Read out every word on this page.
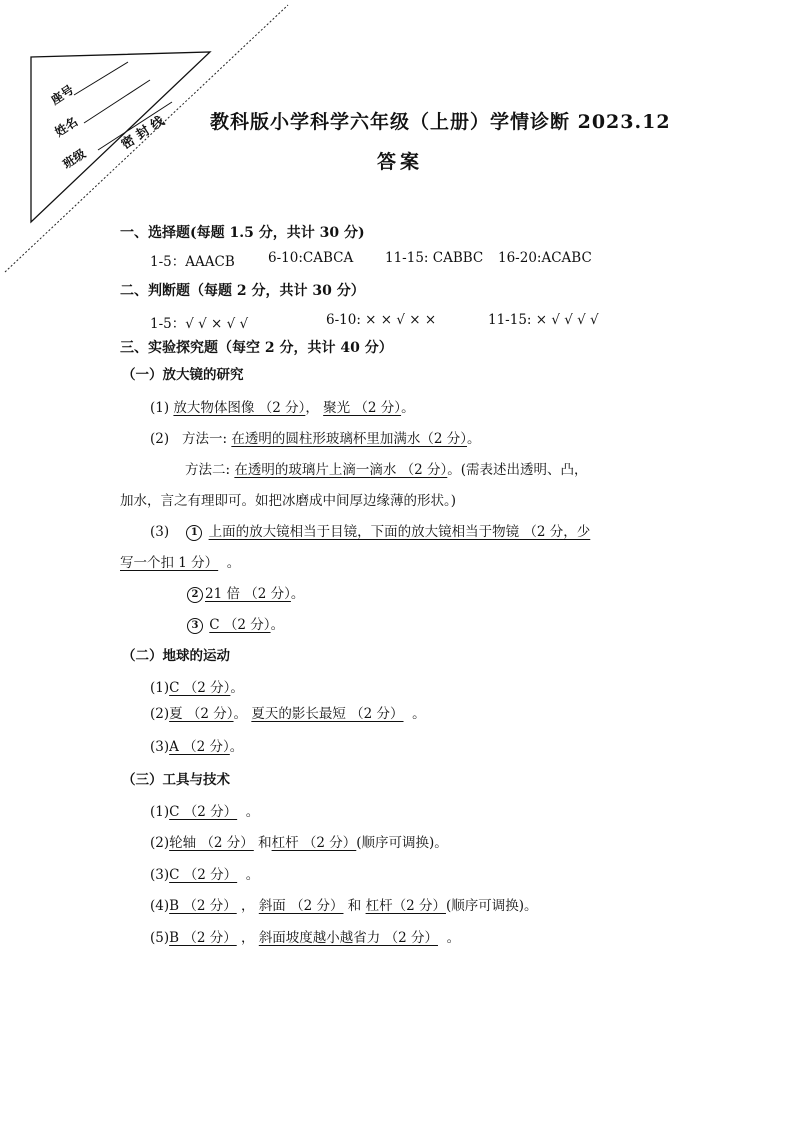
座号
姓名
班级
密 封 线 教科版小学科学六年级（上册）学情诊断 2023.12
答案
一、选择题(每题 1.5 分，共计 30 分)
1-5：AAACB 6-10:CABCA 11-15: CABBC 16-20:ACABC
二、判断题（每题 2 分，共计 30 分）
1-5：√ √ × √ √	6-10: × × √ × ×	11-15: × √ √ √ √
三、实验探究题（每空 2 分，共计 40 分）
（一）放大镜的研究
(1) 放大物体图像 （2 分）， 聚光 （2 分）。
(2) 方法一: 在透明的圆柱形玻璃杯里加满水（2 分）。
方法二: 在透明的玻璃片上滴一滴水 （2 分）。(需表述出透明、凸，
加水，言之有理即可。如把冰磨成中间厚边缘薄的形状。)
(3) 1 上面的放大镜相当于目镜，下面的放大镜相当于物镜 （2 分，少
写一个扣 1 分） 。
2 21 倍 （2 分）。
3 C （2 分）。
（二）地球的运动
(1)C （2 分）。
(2)夏 （2 分）。 夏天的影长最短 （2 分） 。
(3)A （2 分）。
（三）工具与技术
(1)C （2 分） 。
(2)轮轴 （2 分） 和杠杆 （2 分）(顺序可调换)。
(3)C （2 分） 。
(4)B （2 分） ， 斜面 （2 分） 和 杠杆（2 分）(顺序可调换)。
(5)B （2 分） ， 斜面坡度越小越省力 （2 分） 。
